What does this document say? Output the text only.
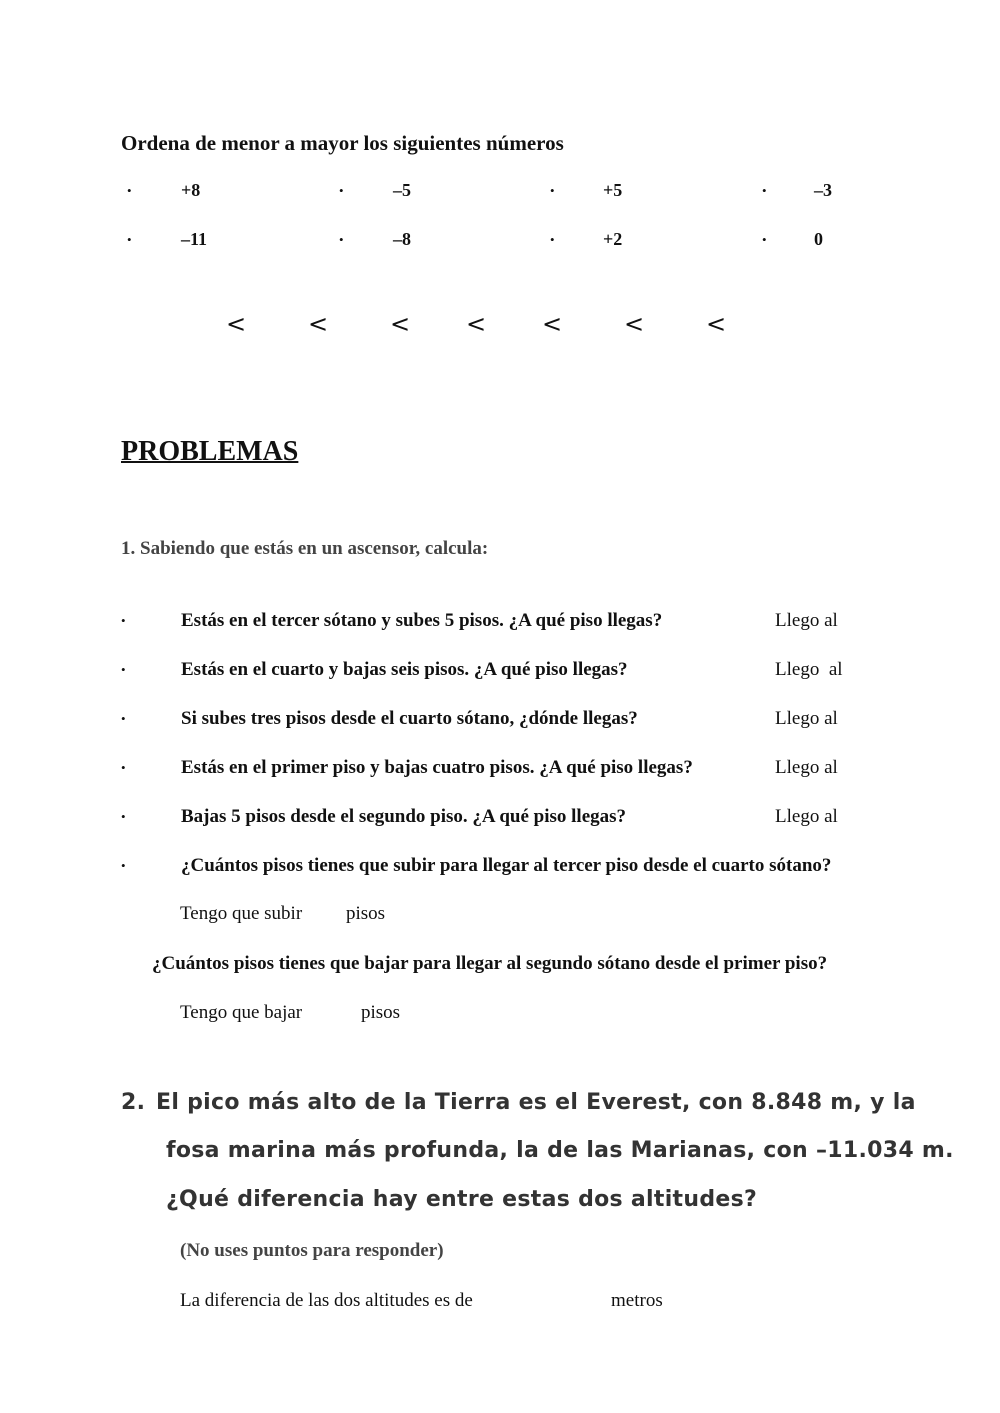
Ordena de menor a mayor los siguientes números
•	+8	•	–5	•	+5	•	–3
•	–11	•	–8	•	+2	•	0
<	<	< < <	<	<
PROBLEMAS
1. Sabiendo que estás en un ascensor, calcula:
•	Estás en el tercer sótano y subes 5 pisos. ¿A qué piso llegas?	Llego al
•	Estás en el cuarto y bajas seis pisos. ¿A qué piso llegas?	Llego  al
•	Si subes tres pisos desde el cuarto sótano, ¿dónde llegas?	Llego al
•	Estás en el primer piso y bajas cuatro pisos. ¿A qué piso llegas?	Llego al
•	Bajas 5 pisos desde el segundo piso. ¿A qué piso llegas?	Llego al
•	¿Cuántos pisos tienes que subir para llegar al tercer piso desde el cuarto sótano?
Tengo que subir pisos
¿Cuántos pisos tienes que bajar para llegar al segundo sótano desde el primer piso?
Tengo que bajar	pisos
2. El pico más alto de la Tierra es el Everest, con 8.848 m, y la
fosa marina más profunda, la de las Marianas, con –11.034 m.
¿Qué diferencia hay entre estas dos altitudes?
(No uses puntos para responder)
La diferencia de las dos altitudes es de	metros
